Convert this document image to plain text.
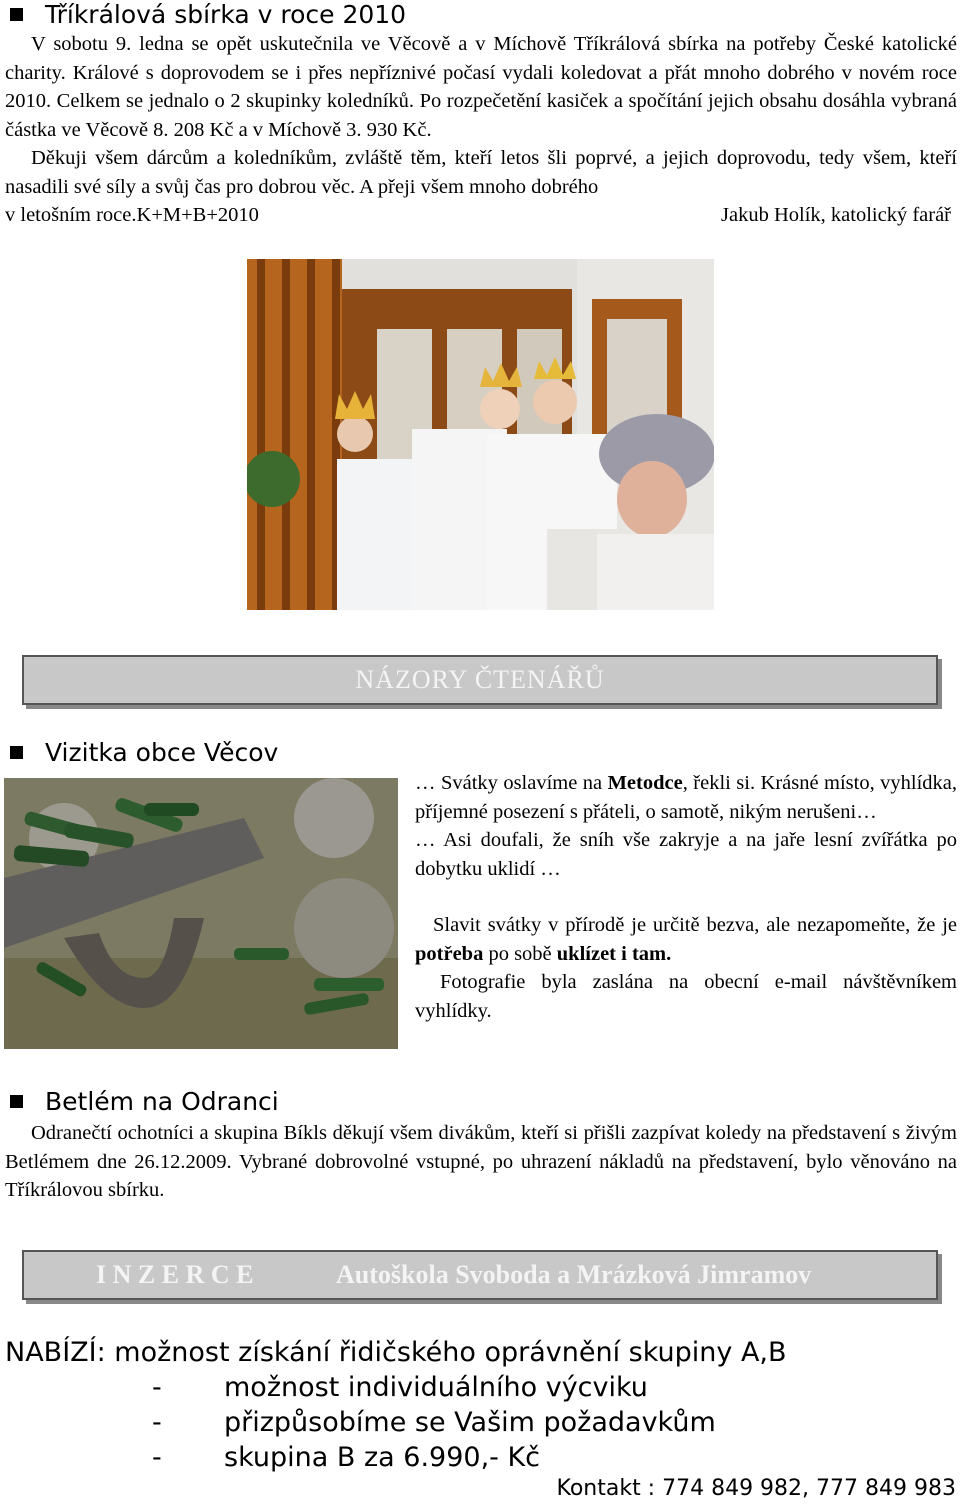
Tříkrálová sbírka v roce 2010

V sobotu 9. ledna se opět uskutečnila ve Věcově a v Míchově Tříkrálová sbírka na potřeby České katolické charity. Králové s doprovodem se i přes nepříznivé počasí vydali koledovat a přát mnoho dobrého v novém roce 2010. Celkem se jednalo o 2 skupinky koledníků. Po rozpečetění kasiček a spočítání jejich obsahu dosáhla vybraná částka ve Věcově 8. 208 Kč a v Míchově 3. 930 Kč.

Děkuji všem dárcům a koledníkům, zvláště těm, kteří letos šli poprvé, a jejich doprovodu, tedy všem, kteří nasadili své síly a svůj čas pro dobrou věc. A přeji všem mnoho dobrého

v letošním roce.K+M+B+2010	Jakub Holík, katolický farář

NÁZORY ČTENÁŘŮ
Vizitka obce Věcov

… Svátky oslavíme na Metodce, řekli si. Krásné místo, vyhlídka, příjemné posezení s přáteli, o samotě, nikým nerušeni…

… Asi doufali, že sníh vše zakryje a na jaře lesní zvířátka po dobytku uklidí …

Slavit svátky v přírodě je určitě bezva, ale nezapomeňte, že je potřeba po sobě uklízet i tam.

Fotografie byla zaslána na obecní e-mail návštěvníkem vyhlídky.

Betlém na Odranci

Odranečtí ochotníci a skupina Bíkls děkují všem divákům, kteří si přišli zazpívat koledy na představení s živým Betlémem dne 26.12.2009. Vybrané dobrovolné vstupné, po uhrazení nákladů na představení, bylo věnováno na Tříkrálovou sbírku.

I N Z E R C E	Autoškola Svoboda a Mrázková Jimramov
NABÍZÍ: možnost získání řidičského oprávnění skupiny A,B
- možnost individuálního výcviku
- přizpůsobíme se Vašim požadavkům
- skupina B za 6.990,- Kč
Kontakt : 774 849 982, 777 849 983
